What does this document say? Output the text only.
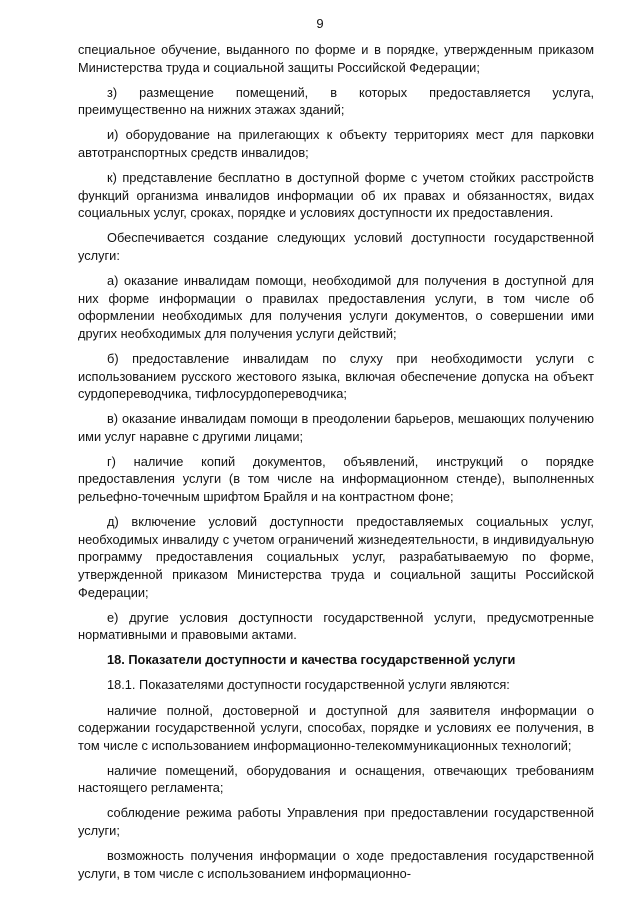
9

специальное обучение, выданного по форме и в порядке, утвержденным приказом Министерства труда и социальной защиты Российской Федерации;

з) размещение помещений, в которых предоставляется услуга, преимущественно на нижних этажах зданий;

и) оборудование на прилегающих к объекту территориях мест для парковки автотранспортных средств инвалидов;

к) представление бесплатно в доступной форме с учетом стойких расстройств функций организма инвалидов информации об их правах и обязанностях, видах социальных услуг, сроках, порядке и условиях доступности их предоставления.

Обеспечивается создание следующих условий доступности государственной услуги:

а) оказание инвалидам помощи, необходимой для получения в доступной для них форме информации о правилах предоставления услуги, в том числе об оформлении необходимых для получения услуги документов, о совершении ими других необходимых для получения услуги действий;

б) предоставление инвалидам по слуху при необходимости услуги с использованием русского жестового языка, включая обеспечение допуска на объект сурдопереводчика, тифлосурдопереводчика;

в) оказание инвалидам помощи в преодолении барьеров, мешающих получению ими услуг наравне с другими лицами;

г) наличие копий документов, объявлений, инструкций о порядке предоставления услуги (в том числе на информационном стенде), выполненных рельефно-точечным шрифтом Брайля и на контрастном фоне;

д) включение условий доступности предоставляемых социальных услуг, необходимых инвалиду с учетом ограничений жизнедеятельности, в индивидуальную программу предоставления социальных услуг, разрабатываемую по форме, утвержденной приказом Министерства труда и социальной защиты Российской Федерации;

е) другие условия доступности государственной услуги, предусмотренные нормативными и правовыми актами.

18. Показатели доступности и качества государственной услуги

18.1. Показателями доступности государственной услуги являются:

наличие полной, достоверной и доступной для заявителя информации о содержании государственной услуги, способах, порядке и условиях ее получения, в том числе с использованием информационно-телекоммуникационных технологий;

наличие помещений, оборудования и оснащения, отвечающих требованиям настоящего регламента;

соблюдение режима работы Управления при предоставлении государственной услуги;

возможность получения информации о ходе предоставления государственной услуги, в том числе с использованием информационно-
